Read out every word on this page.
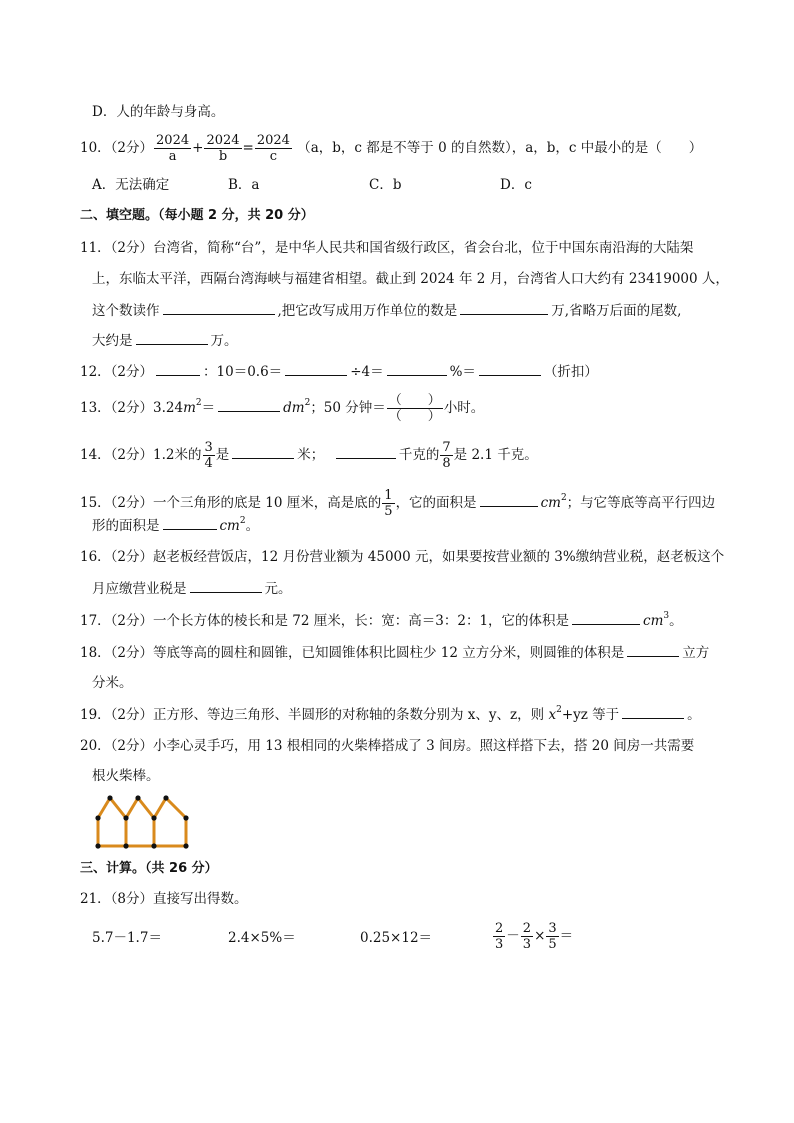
D．人的年龄与身高。
10．（2分） $\frac{2024}{a} + \frac{2024}{b} = \frac{2024}{c} (a$，b，c 都是不等于 0 的自然数），a，b，c 中最小的是（　　）
A．无法确定	B．a	C．b	D．c
二、填空题。（每小题 2 分，共 20 分）
11．（2分）台湾省，简称“台”，是中华人民共和国省级行政区，省会台北，位于中国东南沿海的大陆架
上，东临太平洋，西隔台湾海峡与福建省相望。截止到 2024 年 2 月，台湾省人口大约有 23419000 人，
这个数读作	,把它改写成用万作单位的数是	万,省略万后面的尾数,
大约是	万。
12．（2分）	：10＝0.6＝	÷4＝	%＝	（折扣）
13．（2分）$3.24m^2=$	$dm^2$；50 分钟＝ $\frac{( )}{( )}$ 小时。
14．（2分）1.2米的 $\frac{3}{4}$ 是	米；	千克的 $\frac{7}{8}$ 是 2.1 千克。
15．（2分）一个三角形的底是 10 厘米，高是底的 $\frac{1}{5}$ ，它的面积是	$cm^2$；与它等底等高平行四边
形的面积是	$cm^2$。
16．（2分）赵老板经营饭店，12 月份营业额为 45000 元，如果要按营业额的 3%缴纳营业税，赵老板这个
月应缴营业税是	元。
17．（2分）一个长方体的棱长和是 72 厘米，长：宽：高＝3：2：1，它的体积是	$cm^3$。
18．（2分）等底等高的圆柱和圆锥，已知圆锥体积比圆柱少 12 立方分米，则圆锥的体积是	立方
分米。
19．（2分）正方形、等边三角形、半圆形的对称轴的条数分别为 x、y、z，则 $x^2+yz$ 等于	。
20．（2分）小李心灵手巧，用 13 根相同的火柴棒搭成了 3 间房。照这样搭下去，搭 20 间房一共需要
根火柴棒。
三、计算。（共 26 分）
21．（8分）直接写出得数。
5.7－1.7＝	2.4×5%＝	0.25×12＝	$\frac{2}{3} - \frac{2}{3} \times \frac{3}{5}$ ＝
